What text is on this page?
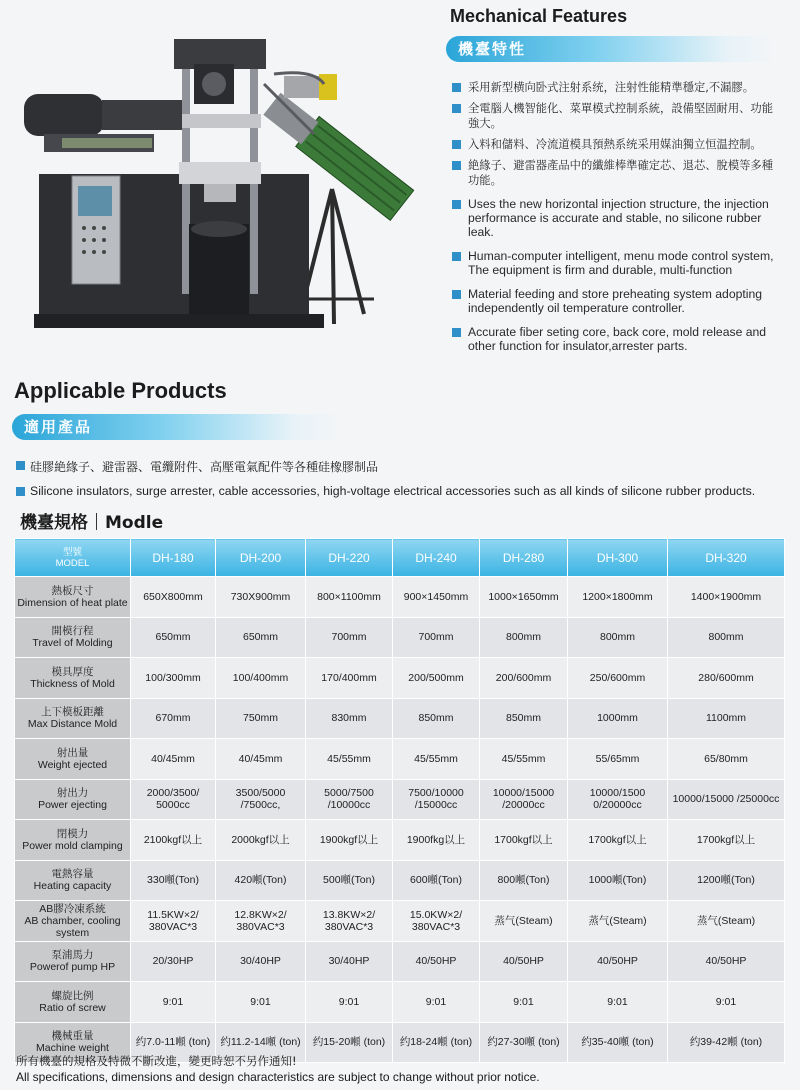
Mechanical Features
機臺特性
采用新型横向卧式注射系统，注射性能精準穩定,不漏膠。
全電腦人機智能化、菜單模式控制系統，設備堅固耐用、功能強大。
入料和儲料、冷流道模具預熱系统采用媒油獨立恒温控制。
絶緣子、避雷器產品中的纖維棒準確定芯、退芯、脫模等多種功能。
Uses the new horizontal injection structure, the injection performance is accurate and stable, no silicone rubber leak.
Human-computer intelligent, menu mode control system, The equipment is firm and durable, multi-function
Material feeding and store preheating system adopting independently oil temperature controller.
Accurate fiber seting core, back core, mold release and other function for insulator,arrester parts.
Applicable Products
適用產品
硅膠絶緣子、避雷器、電纜附件、高壓電氣配件等各種硅橡膠制品
Silicone insulators, surge arrester, cable accessories, high-voltage electrical accessories such as all kinds of silicone rubber products.
機臺規格 Modle
型號
MODEL	DH-180	DH-200	DH-220	DH-240	DH-280	DH-300	DH-320

熱板尺寸
Dimension of heat plate	650X800mm	730X900mm	800×1100mm	900×1450mm	1000×1650mm	1200×1800mm	1400×1900mm

開模行程
Travel of Molding	650mm	650mm	700mm	700mm	800mm	800mm	800mm

模具厚度
Thickness of Mold	100/300mm	100/400mm	170/400mm	200/500mm	200/600mm	250/600mm	280/600mm

上下模板距離
Max Distance Mold	670mm	750mm	830mm	850mm	850mm	1000mm	1100mm

射出量
Weight ejected	40/45mm	40/45mm	45/55mm	45/55mm	45/55mm	55/65mm	65/80mm

射出力
Power ejecting	2000/3500/ 5000cc	3500/5000 /7500cc,	5000/7500 /10000cc	7500/10000 /15000cc	10000/15000 /20000cc	10000/1500 0/20000cc	10000/15000 /25000cc

閉模力
Power mold clamping	2100kgf以上	2000kgf以上	1900kgf以上	1900fkg以上	1700kgf以上	1700kgf以上	1700kgf以上

電熱容量
Heating capacity	330噸(Ton)	420噸(Ton)	500噸(Ton)	600噸(Ton)	800噸(Ton)	1000噸(Ton)	1200噸(Ton)

AB膠冷凍系統
AB chamber, cooling system	11.5KW×2/ 380VAC*3	12.8KW×2/ 380VAC*3	13.8KW×2/ 380VAC*3	15.0KW×2/ 380VAC*3	蒸气(Steam)	蒸气(Steam)	蒸气(Steam)

泵浦馬力
Powerof pump HP	20/30HP	30/40HP	30/40HP	40/50HP	40/50HP	40/50HP	40/50HP

螺旋比例
Ratio of screw	9:01	9:01	9:01	9:01	9:01	9:01	9:01

機械重量
Machine weight	约7.0-11噸 (ton)	约11.2-14噸 (ton)	约15-20噸 (ton)	约18-24噸 (ton)	约27-30噸 (ton)	约35-40噸 (ton)	约39-42噸 (ton)
所有機臺的規格及特微不斷改進，變更時恕不另作通知!
All specifications, dimensions and design characteristics are subject to change without prior notice.
